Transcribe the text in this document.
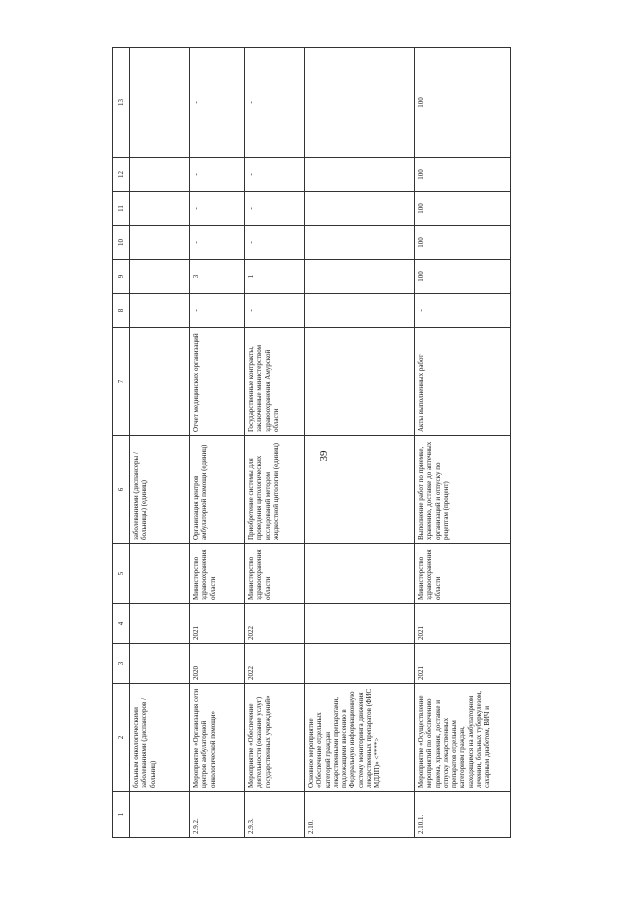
39
1	2	3	4	5	6	7	8	9	10	11	12	13
	больным онкологическими заболеваниями (диспансеров / больниц)				заболеваниями (диспансеры / больницы) (единиц)							
2.9.2.	Мероприятие «Организация сети центров амбулаторной онкологической помощи»	2020	2021	Министерство здравоохранения области	Организация центров амбулаторной помощи (единиц)	Отчет медицинских организаций	-	3	-	-	-	-
2.9.3.	Мероприятие «Обеспечение деятельности (оказание услуг) государственных учреждений»	2022	2022	Министерство здравоохранения области	Приобретение системы для проведения цитологических исследований методом жидкостной цитологии (единиц)	Государственные контракты, заключенные министерством здравоохранения Амурской области	-	1	-	-	-	-
2.10.	Основное мероприятие «Обеспечение отдельных категорий граждан лекарственными препаратами, подлежащими внесению в Федеральную информационную систему мониторинга движения лекарственных препаратов (ФИС МДЛП)» <****>											
2.10.1.	Мероприятие «Осуществление мероприятий по обеспечению приема, хранения, доставке и отпуску лекарственных препаратов отдельным категориям граждан, находящимся на амбулаторном лечении, больных туберкулезом, сахарным диабетом, ВИЧ и	2021	2021	Министерство здравоохранения области	Выполнение работ по приемке, хранению, доставке до аптечных организаций и отпуску по рецептам (процент)	Акты выполненных работ	-	100	100	100	100	100
